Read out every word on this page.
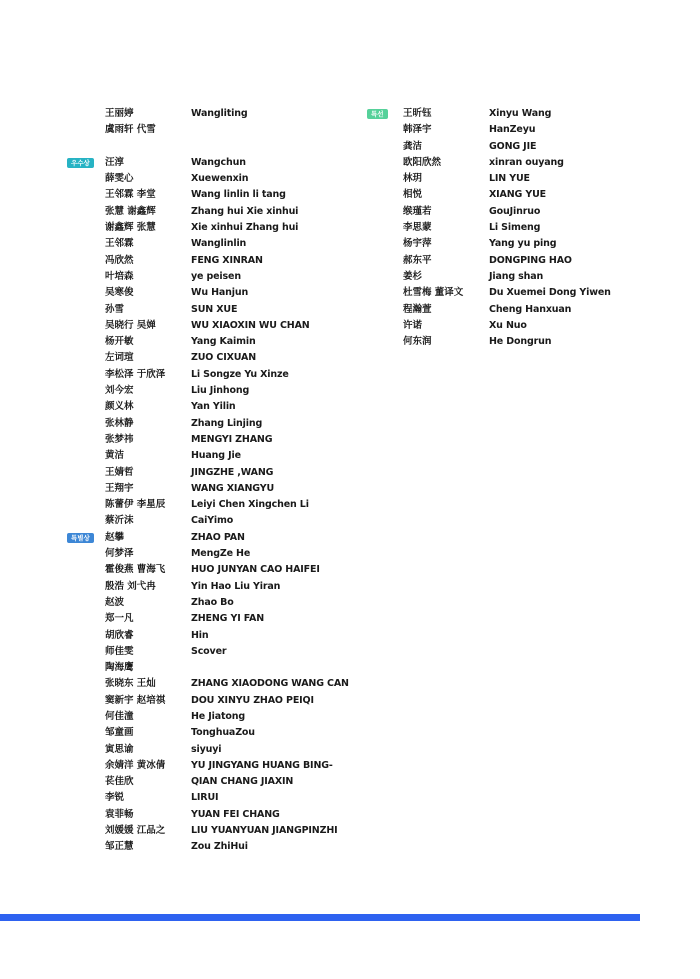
王丽婷	Wangliting
虞雨轩 代雪
우수상	汪淳	Wangchun
薛雯心	Xuewenxin
王邻霖 李堂	Wang linlin li tang
张慧 谢鑫辉	Zhang hui Xie xinhui
谢鑫辉 张慧	Xie xinhui Zhang hui
王邻霖	Wanglinlin
冯欣然	FENG XINRAN
叶培森	ye peisen
吴寒俊	Wu Hanjun
孙雪	SUN XUE
吴晓行 吴婵	WU XIAOXIN WU CHAN
杨开敏	Yang Kaimin
左词瑄	ZUO CIXUAN
李松泽 于欣泽	Li Songze Yu Xinze
刘今宏	Liu Jinhong
颜义林	Yan Yilin
张林静	Zhang Linjing
张梦祎	MENGYI ZHANG
黄洁	Huang Jie
王婧哲	JINGZHE ,WANG
王翔宇	WANG XIANGYU
陈蕾伊 李星辰	Leiyi Chen Xingchen Li
蔡沂沫	CaiYimo
특별상	赵攀	ZHAO PAN
何梦泽	MengZe He
霍俊燕 曹海飞	HUO JUNYAN CAO HAIFEI
殷浩 刘弋冉	Yin Hao Liu Yiran
赵波	Zhao Bo
郑一凡	ZHENG YI FAN
胡欣睿	Hin
师佳雯	Scover
陶海鹰
张晓东 王灿	ZHANG XIAODONG WANG CAN
窦新宇 赵培祺	DOU XINYU ZHAO PEIQI
何佳潼	He Jiatong
邹童画	TonghuaZou
寅思谕	siyuyi
余婧洋 黄冰倩	YU JINGYANG HUANG BING-
苌佳欣	QIAN CHANG JIAXIN
李锐	LIRUI
袁菲畅	YUAN FEI CHANG
刘媛媛 江品之	LIU YUANYUAN JIANGPINZHI
邹正慧	Zou ZhiHui
특선	王昕钰	Xinyu Wang
韩泽宇	HanZeyu
龚洁	GONG JIE
欧阳欣然	xinran ouyang
林玥	LIN YUE
相悦	XIANG YUE
缑瑾若	GouJinruo
李思蒙	Li Simeng
杨宇萍	Yang yu ping
郝东平	DONGPING HAO
姜杉	Jiang shan
杜雪梅 董译文	Du Xuemei Dong Yiwen
程瀚萱	Cheng Hanxuan
许诺	Xu Nuo
何东润	He Dongrun
